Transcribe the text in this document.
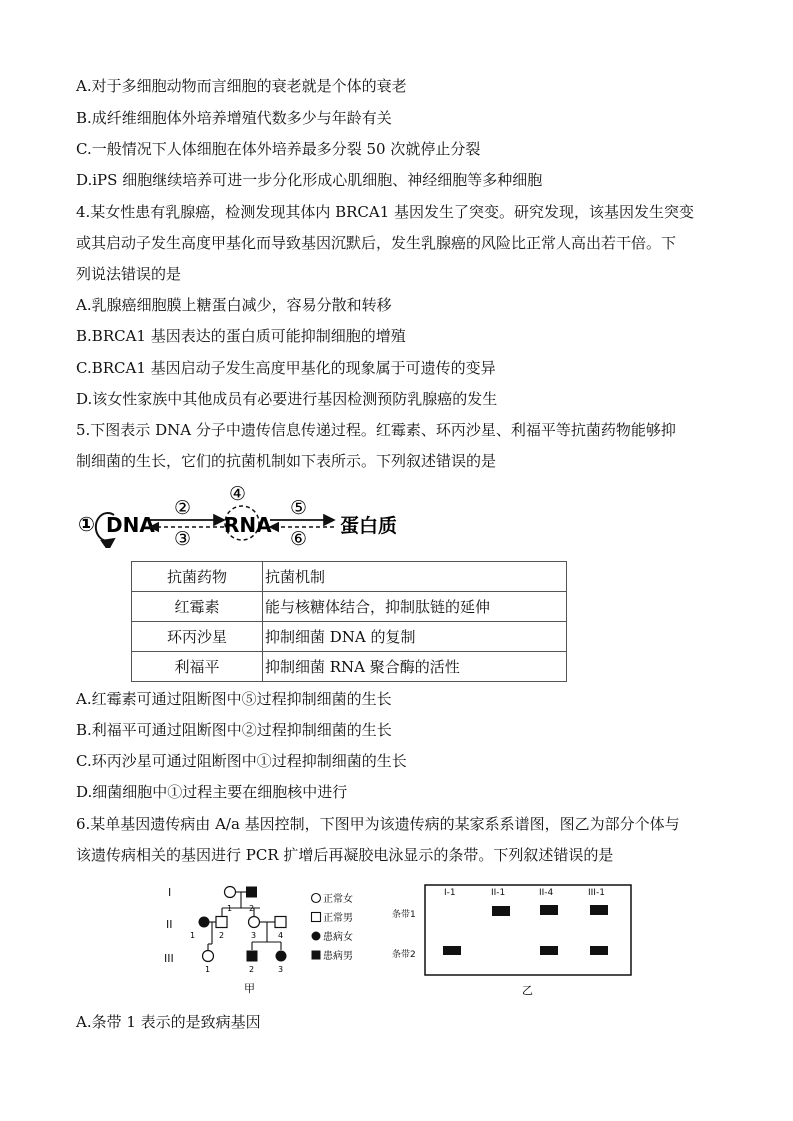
A.对于多细胞动物而言细胞的衰老就是个体的衰老
B.成纤维细胞体外培养增殖代数多少与年龄有关
C.一般情况下人体细胞在体外培养最多分裂 50 次就停止分裂
D.iPS 细胞继续培养可进一步分化形成心肌细胞、神经细胞等多种细胞
4.某女性患有乳腺癌，检测发现其体内 BRCA1 基因发生了突变。研究发现，该基因发生突变
或其启动子发生高度甲基化而导致基因沉默后，发生乳腺癌的风险比正常人高出若干倍。下
列说法错误的是
A.乳腺癌细胞膜上糖蛋白减少，容易分散和转移
B.BRCA1 基因表达的蛋白质可能抑制细胞的增殖
C.BRCA1 基因启动子发生高度甲基化的现象属于可遗传的变异
D.该女性家族中其他成员有必要进行基因检测预防乳腺癌的发生
5.下图表示 DNA 分子中遗传信息传递过程。红霉素、环丙沙星、利福平等抗菌药物能够抑
制细菌的生长，它们的抗菌机制如下表所示。下列叙述错误的是
① DNA
②
③
④
RNA
⑤
⑥
蛋白质
抗菌药物	抗菌机制
红霉素	能与核糖体结合，抑制肽链的延伸
环丙沙星	抑制细菌 DNA 的复制
利福平	抑制细菌 RNA 聚合酶的活性
A.红霉素可通过阻断图中⑤过程抑制细菌的生长
B.利福平可通过阻断图中②过程抑制细菌的生长
C.环丙沙星可通过阻断图中①过程抑制细菌的生长
D.细菌细胞中①过程主要在细胞核中进行
6.某单基因遗传病由 A/a 基因控制，下图甲为该遗传病的某家系系谱图，图乙为部分个体与
该遗传病相关的基因进行 PCR 扩增后再凝胶电泳显示的条带。下列叙述错误的是
I
II
III
1 2
1	2	3	4
1	2	3
正常女
正常男
患病女
患病男
甲
I-1	II-1	II-4	III-1
条带1
条带2
乙
A.条带 1 表示的是致病基因
